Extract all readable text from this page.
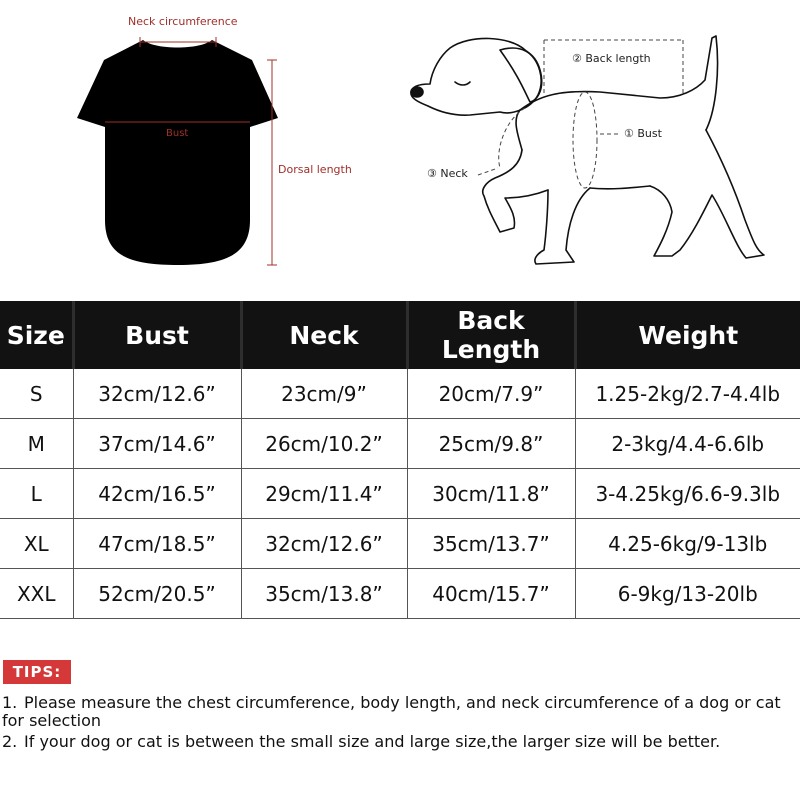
Neck circumference
Bust
Dorsal length
② Back length
① Bust
③ Neck
Size	Bust	Neck	Back Length	Weight
S	32cm/12.6”	23cm/9”	20cm/7.9”	1.25-2kg/2.7-4.4lb
M	37cm/14.6”	26cm/10.2”	25cm/9.8”	2-3kg/4.4-6.6lb
L	42cm/16.5”	29cm/11.4”	30cm/11.8”	3-4.25kg/6.6-9.3lb
XL	47cm/18.5”	32cm/12.6”	35cm/13.7”	4.25-6kg/9-13lb
XXL	52cm/20.5”	35cm/13.8”	40cm/15.7”	6-9kg/13-20lb
TIPS:
1. Please measure the chest circumference, body length, and neck circumference of a dog or cat for selection
2. If your dog or cat is between the small size and large size,the larger size will be better.
